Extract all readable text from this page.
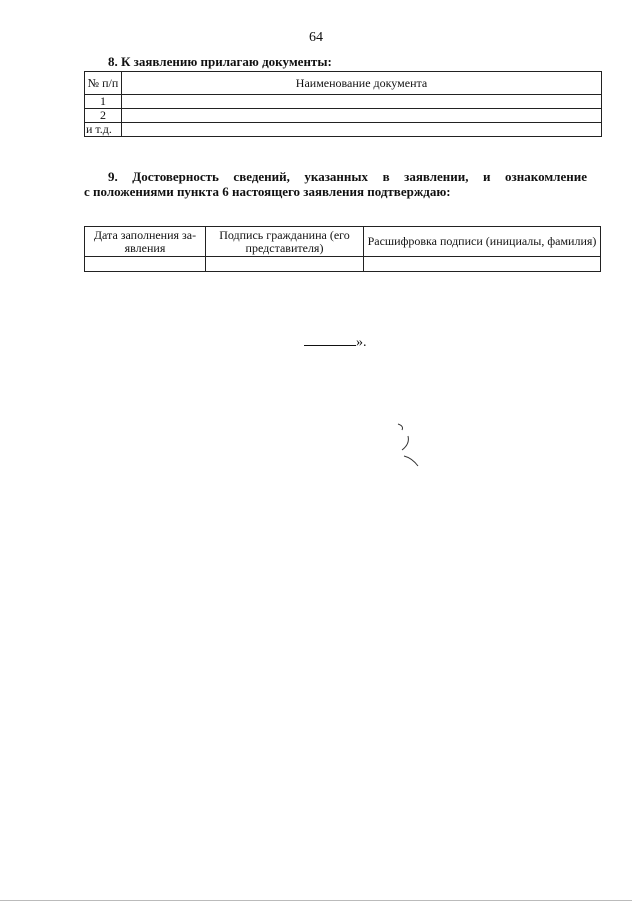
64
8. К заявлению прилагаю документы:
№ п/п	Наименование документа
1	
2	
и т.д.	
9. Достоверность сведений, указанных в заявлении, и ознакомление
с положениями пункта 6 настоящего заявления подтверждаю:
Дата заполнения за-явления	Подпись гражданина (его представителя)	Расшифровка подписи (инициалы, фамилия)

».
